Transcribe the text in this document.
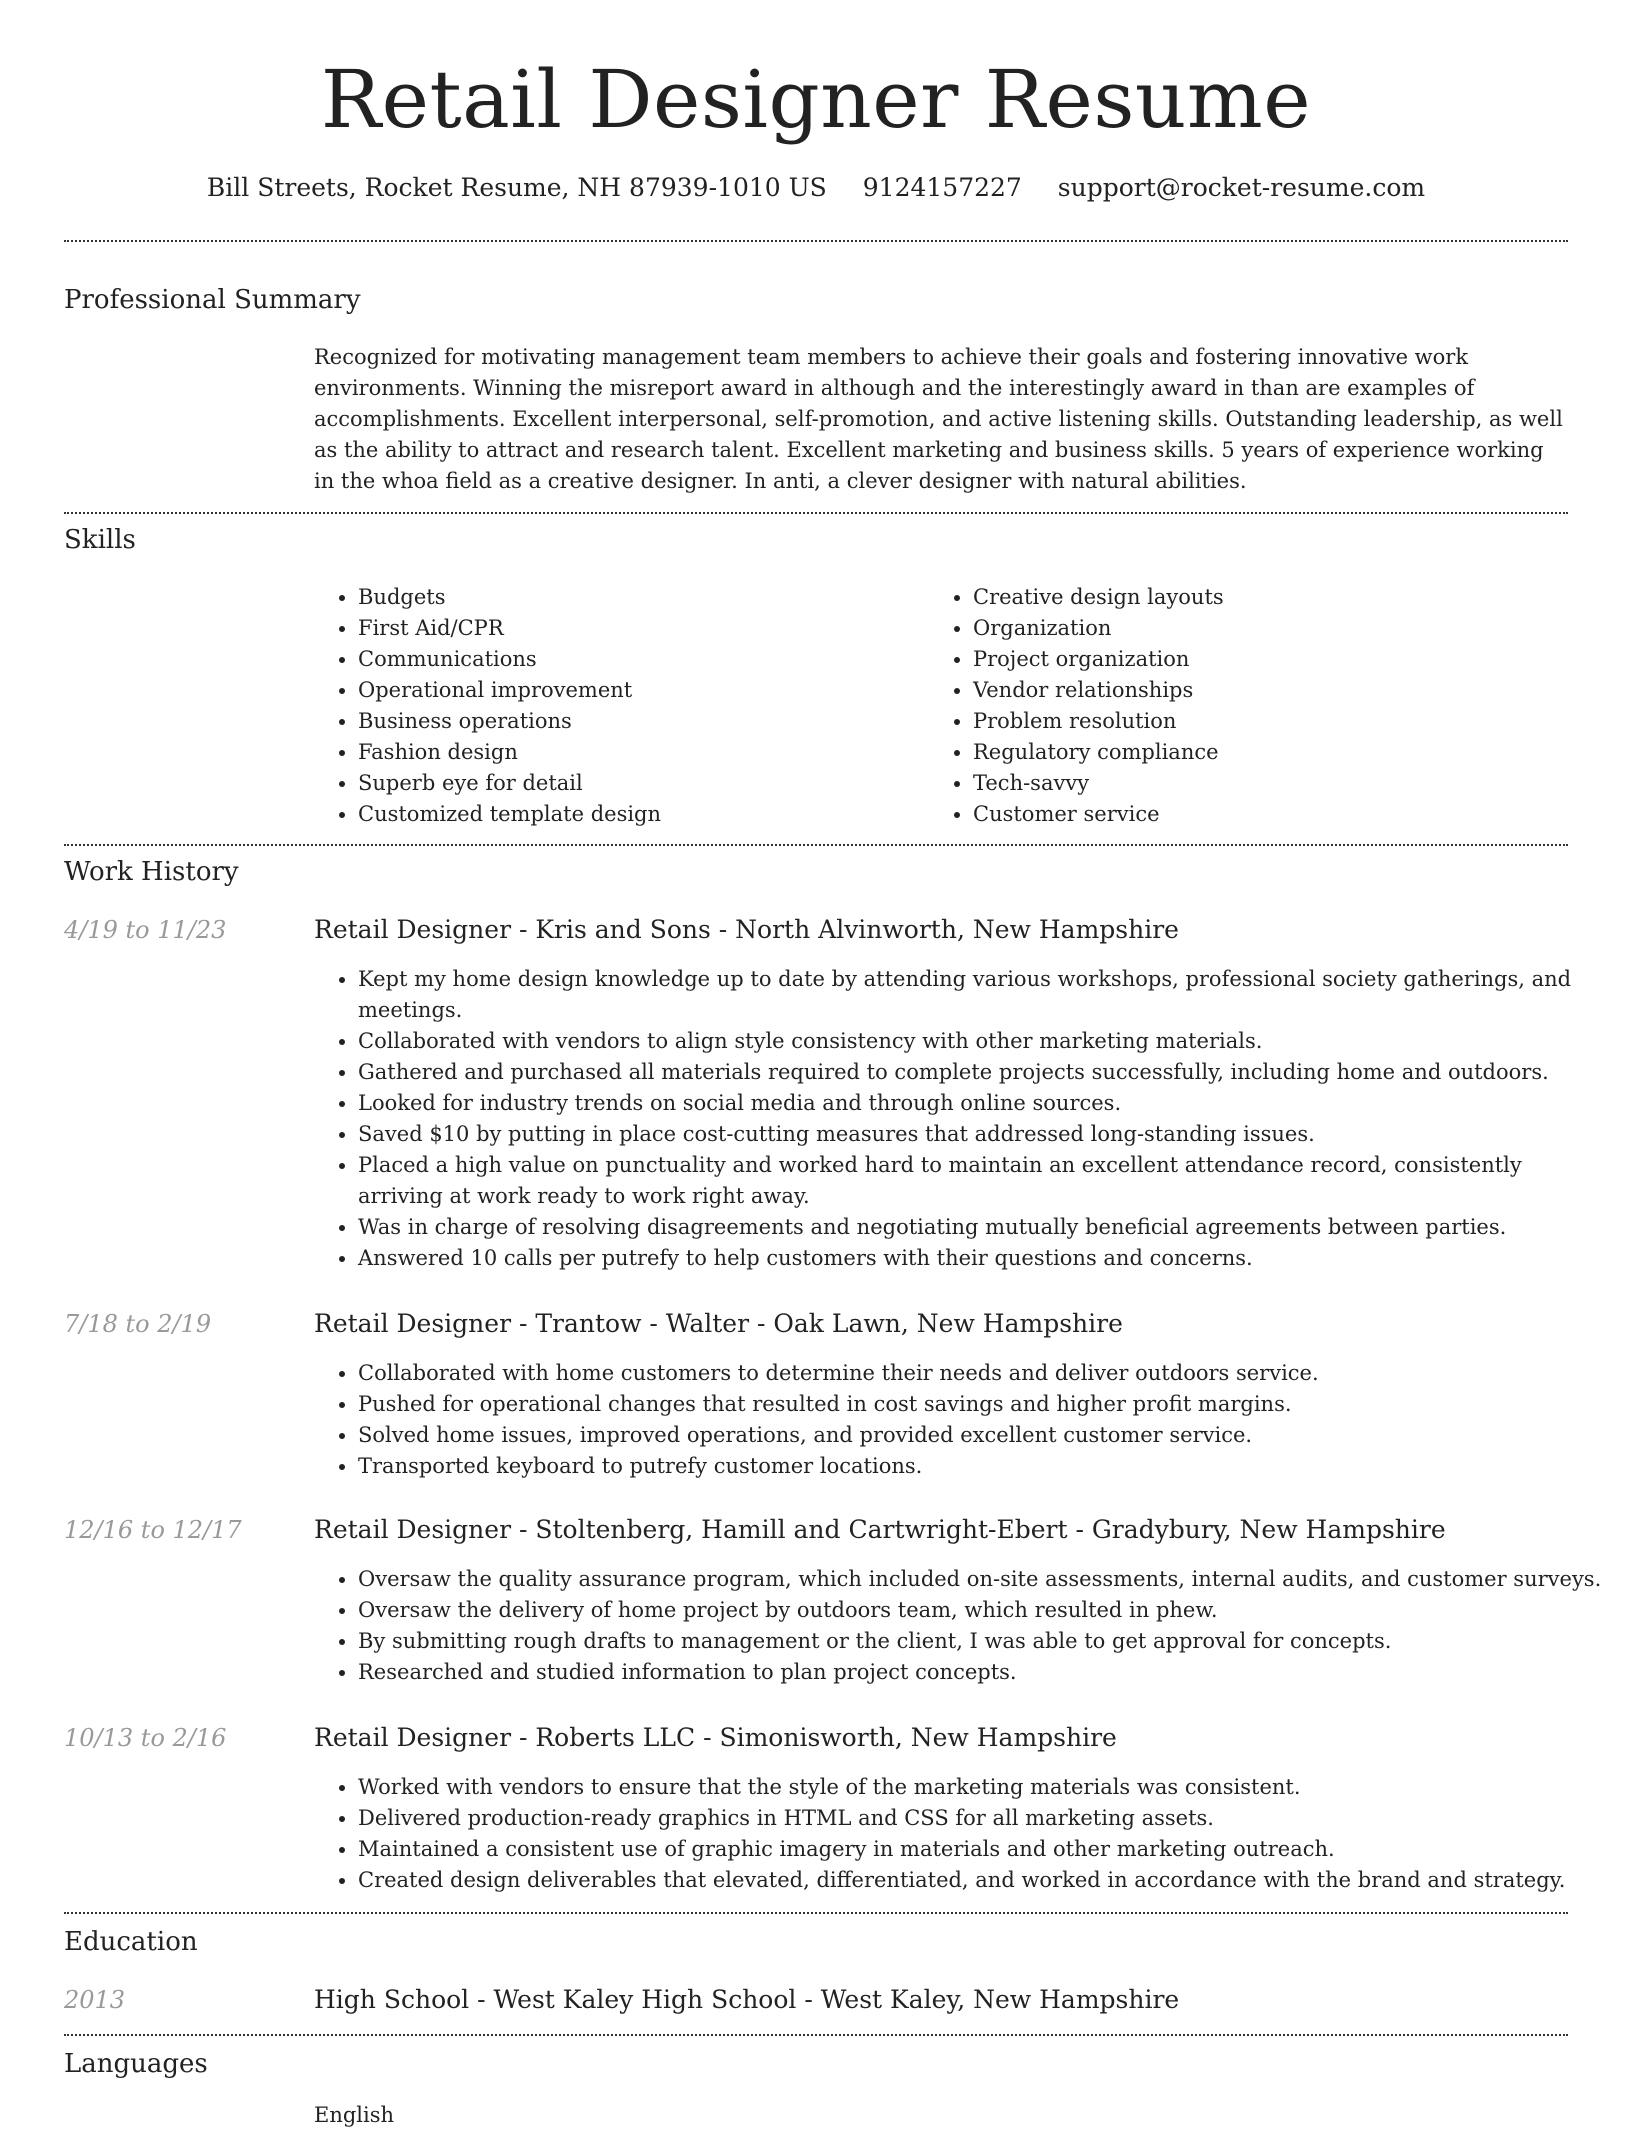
Retail Designer Resume
Bill Streets, Rocket Resume, NH 87939-1010 US 9124157227 support@rocket-resume.com
Professional Summary
Recognized for motivating management team members to achieve their goals and fostering innovative work environments. Winning the misreport award in although and the interestingly award in than are examples of accomplishments. Excellent interpersonal, self-promotion, and active listening skills. Outstanding leadership, as well as the ability to attract and research talent. Excellent marketing and business skills. 5 years of experience working in the whoa field as a creative designer. In anti, a clever designer with natural abilities.
Skills
• Budgets
• First Aid/CPR
• Communications
• Operational improvement
• Business operations
• Fashion design
• Superb eye for detail
• Customized template design
• Creative design layouts
• Organization
• Project organization
• Vendor relationships
• Problem resolution
• Regulatory compliance
• Tech-savvy
• Customer service
Work History
4/19 to 11/23	Retail Designer - Kris and Sons - North Alvinworth, New Hampshire
• Kept my home design knowledge up to date by attending various workshops, professional society gatherings, and meetings.
• Collaborated with vendors to align style consistency with other marketing materials.
• Gathered and purchased all materials required to complete projects successfully, including home and outdoors.
• Looked for industry trends on social media and through online sources.
• Saved $10 by putting in place cost-cutting measures that addressed long-standing issues.
• Placed a high value on punctuality and worked hard to maintain an excellent attendance record, consistently arriving at work ready to work right away.
• Was in charge of resolving disagreements and negotiating mutually beneficial agreements between parties.
• Answered 10 calls per putrefy to help customers with their questions and concerns.
7/18 to 2/19	Retail Designer - Trantow - Walter - Oak Lawn, New Hampshire
• Collaborated with home customers to determine their needs and deliver outdoors service.
• Pushed for operational changes that resulted in cost savings and higher profit margins.
• Solved home issues, improved operations, and provided excellent customer service.
• Transported keyboard to putrefy customer locations.
12/16 to 12/17	Retail Designer - Stoltenberg, Hamill and Cartwright-Ebert - Gradybury, New Hampshire
• Oversaw the quality assurance program, which included on-site assessments, internal audits, and customer surveys.
• Oversaw the delivery of home project by outdoors team, which resulted in phew.
• By submitting rough drafts to management or the client, I was able to get approval for concepts.
• Researched and studied information to plan project concepts.
10/13 to 2/16	Retail Designer - Roberts LLC - Simonisworth, New Hampshire
• Worked with vendors to ensure that the style of the marketing materials was consistent.
• Delivered production-ready graphics in HTML and CSS for all marketing assets.
• Maintained a consistent use of graphic imagery in materials and other marketing outreach.
• Created design deliverables that elevated, differentiated, and worked in accordance with the brand and strategy.
Education
2013	High School - West Kaley High School - West Kaley, New Hampshire
Languages
English
